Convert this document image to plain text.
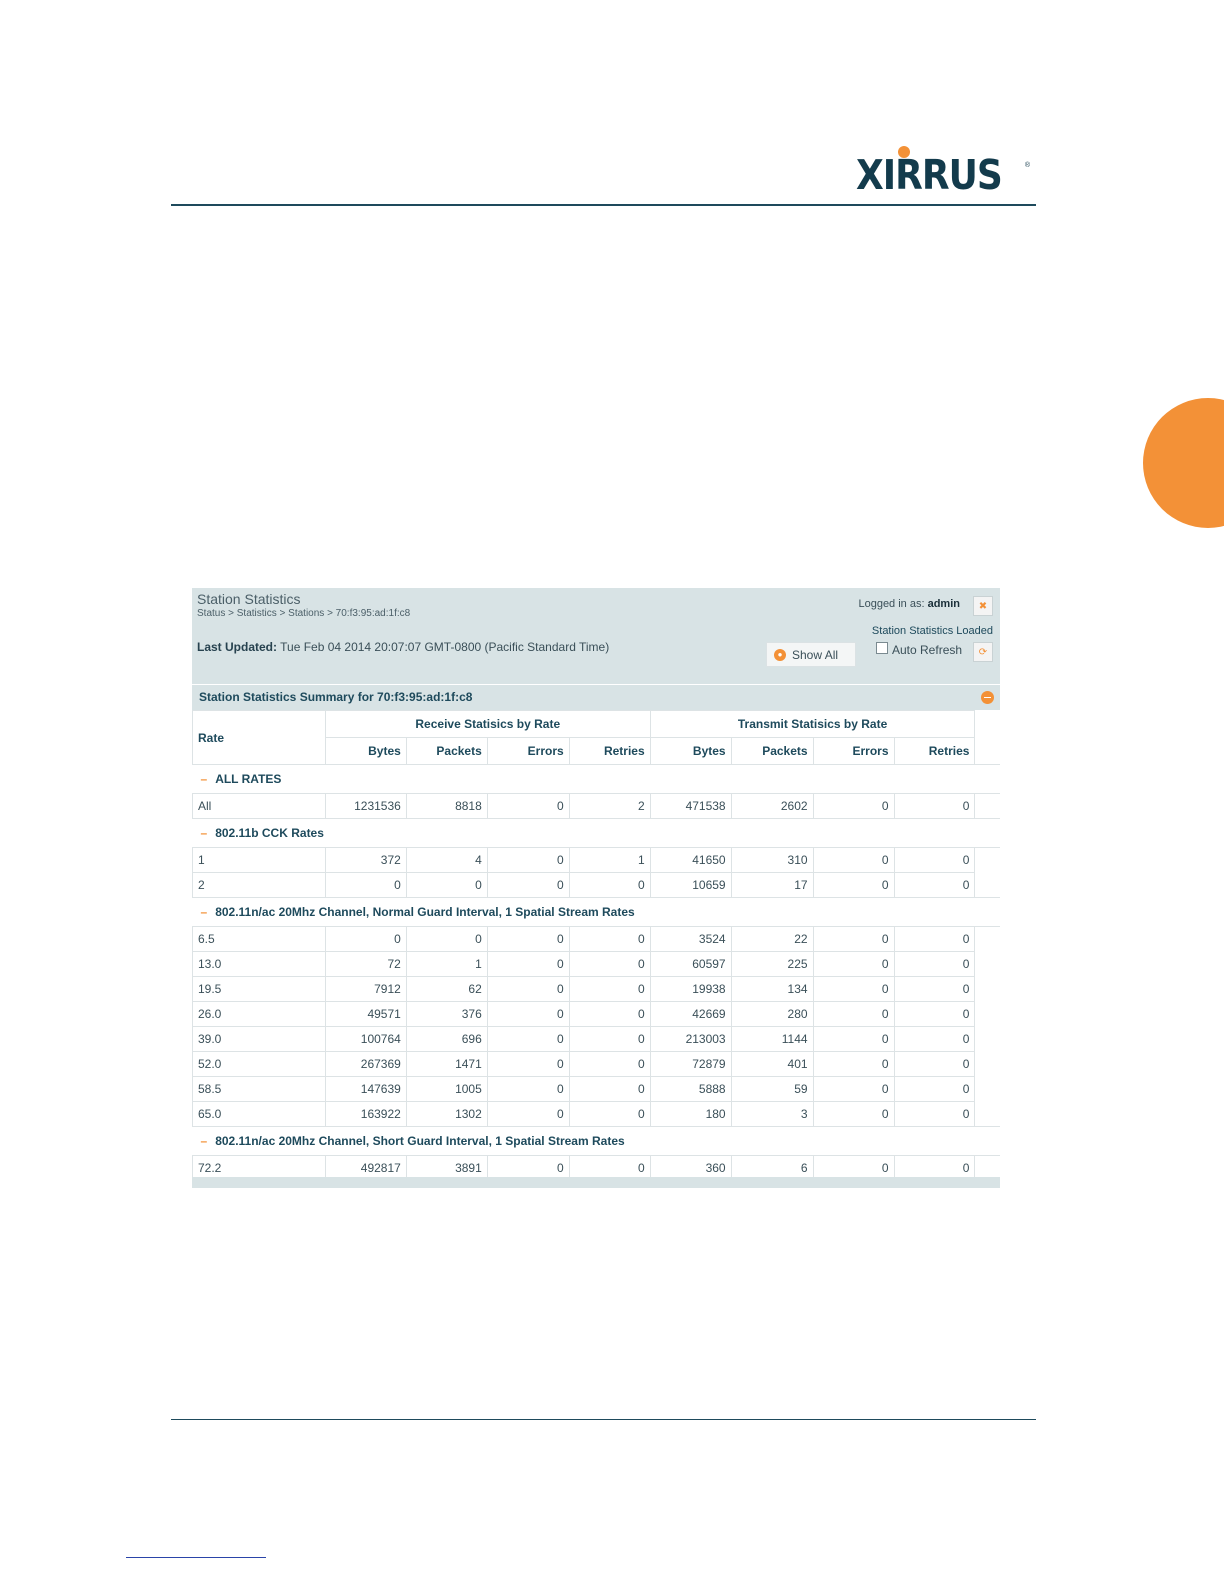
XIRRUS	®
Station Statistics
Status > Statistics > Stations > 70:f3:95:ad:1f:c8
Last Updated: Tue Feb 04 2014 20:07:07 GMT-0800 (Pacific Standard Time)
Logged in as: admin	✖
Station Statistics Loaded
● Show All	Auto Refresh	⟳
Station Statistics Summary for 70:f3:95:ad:1f:c8
Rate	Receive Statisics by Rate				Transmit Statisics by Rate				
	Bytes	Packets	Errors	Retries	Bytes	Packets	Errors	Retries	
– ALL RATES									
All	1231536	8818	0	2	471538	2602	0	0	
– 802.11b CCK Rates									
1	372	4	0	1	41650	310	0	0	
2	0	0	0	0	10659	17	0	0	
– 802.11n/ac 20Mhz Channel, Normal Guard Interval, 1 Spatial Stream Rates									
6.5	0	0	0	0	3524	22	0	0	
13.0	72	1	0	0	60597	225	0	0	
19.5	7912	62	0	0	19938	134	0	0	
26.0	49571	376	0	0	42669	280	0	0	
39.0	100764	696	0	0	213003	1144	0	0	
52.0	267369	1471	0	0	72879	401	0	0	
58.5	147639	1005	0	0	5888	59	0	0	
65.0	163922	1302	0	0	180	3	0	0	
– 802.11n/ac 20Mhz Channel, Short Guard Interval, 1 Spatial Stream Rates									
72.2	492817	3891	0	0	360	6	0	0	
